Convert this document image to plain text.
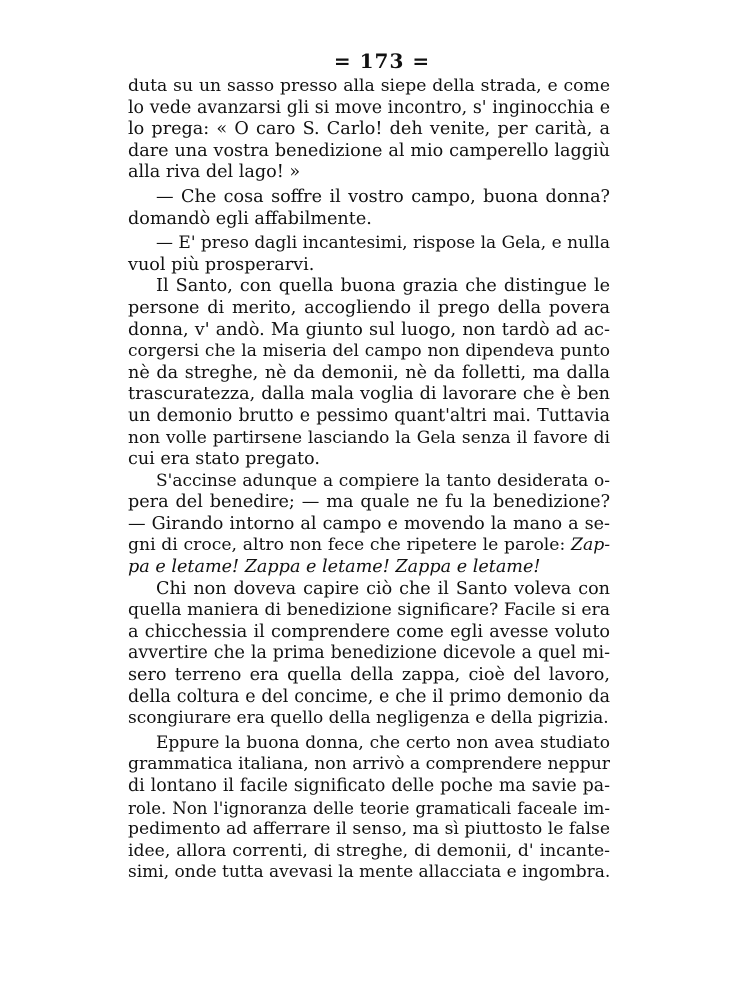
= 173 =
duta su un sasso presso alla siepe della strada, e come
lo vede avanzarsi gli si move incontro, s' inginocchia e
lo prega: « O caro S. Carlo! deh venite, per carità, a
dare una vostra benedizione al mio camperello laggiù
alla riva del lago! »
— Che cosa soffre il vostro campo, buona donna?
domandò egli affabilmente.
— E' preso dagli incantesimi, rispose la Gela, e nulla
vuol più prosperarvi.
Il Santo, con quella buona grazia che distingue le
persone di merito, accogliendo il prego della povera
donna, v' andò. Ma giunto sul luogo, non tardò ad ac-
corgersi che la miseria del campo non dipendeva punto
nè da streghe, nè da demonii, nè da folletti, ma dalla
trascuratezza, dalla mala voglia di lavorare che è ben
un demonio brutto e pessimo quant'altri mai. Tuttavia
non volle partirsene lasciando la Gela senza il favore di
cui era stato pregato.
S'accinse adunque a compiere la tanto desiderata o-
pera del benedire; — ma quale ne fu la benedizione?
— Girando intorno al campo e movendo la mano a se-
gni di croce, altro non fece che ripetere le parole: Zap-
pa e letame! Zappa e letame! Zappa e letame!
Chi non doveva capire ciò che il Santo voleva con
quella maniera di benedizione significare? Facile si era
a chicchessia il comprendere come egli avesse voluto
avvertire che la prima benedizione dicevole a quel mi-
sero terreno era quella della zappa, cioè del lavoro,
della coltura e del concime, e che il primo demonio da
scongiurare era quello della negligenza e della pigrizia.
Eppure la buona donna, che certo non avea studiato
grammatica italiana, non arrivò a comprendere neppur
di lontano il facile significato delle poche ma savie pa-
role. Non l'ignoranza delle teorie gramaticali faceale im-
pedimento ad afferrare il senso, ma sì piuttosto le false
idee, allora correnti, di streghe, di demonii, d' incante-
simi, onde tutta avevasi la mente allacciata e ingombra.
